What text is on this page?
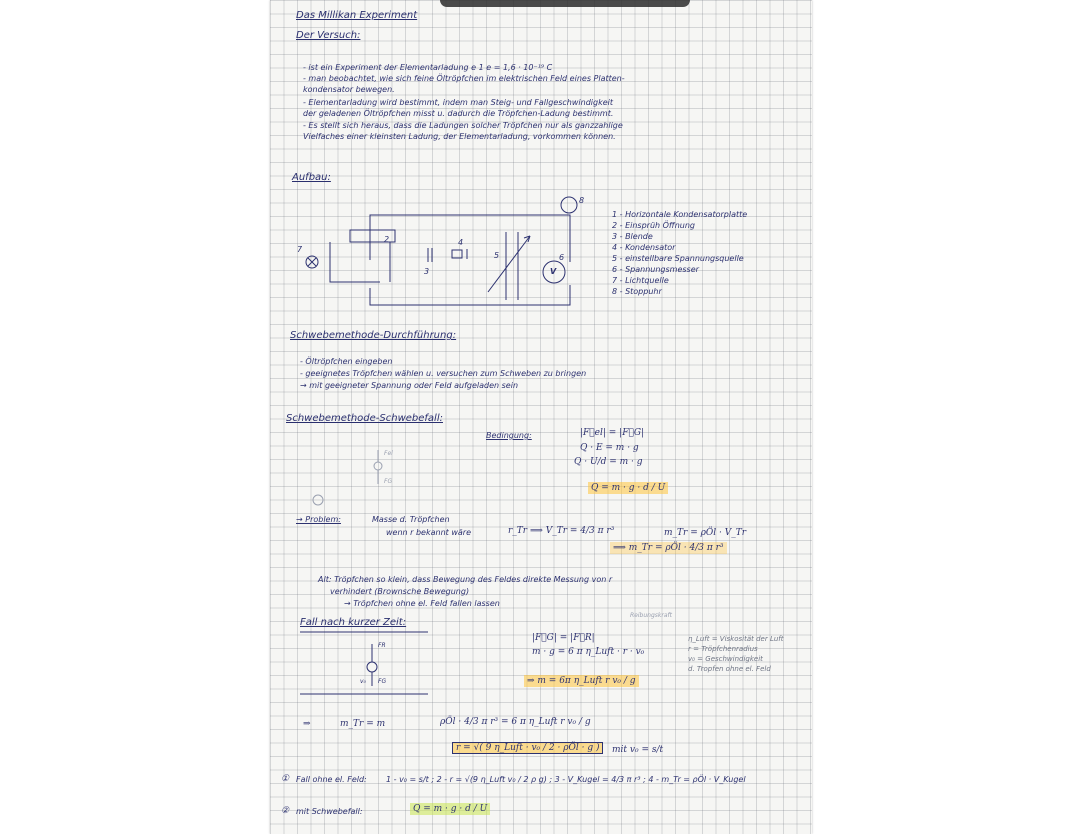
Das Millikan Experiment
Der Versuch:
- ist ein Experiment der Elementarladung e 1 e = 1,6 · 10⁻¹⁹ C
- man beobachtet, wie sich feine Öltröpfchen im elektrischen Feld eines Platten-
kondensator bewegen.
- Elementarladung wird bestimmt, indem man Steig- und Fallgeschwindigkeit
der geladenen Öltröpfchen misst u. dadurch die Tröpfchen-Ladung bestimmt.
- Es stellt sich heraus, dass die Ladungen solcher Tröpfchen nur als ganzzahlige
Vielfaches einer kleinsten Ladung, der Elementarladung, vorkommen können.
Aufbau:
7
2
3
4
5	6
V
8
1 - Horizontale Kondensatorplatte
2 - Einsprüh Öffnung
3 - Blende
4 - Kondensator
5 - einstellbare Spannungsquelle
6 - Spannungsmesser
7 - Lichtquelle
8 - Stoppuhr
Schwebemethode-Durchführung:
- Öltröpfchen eingeben
- geeignetes Tröpfchen wählen u. versuchen zum Schweben zu bringen
→ mit geeigneter Spannung oder Feld aufgeladen sein
Schwebemethode-Schwebefall:
Bedingung:	|F⃗el| = |F⃗G|
Q · E = m · g
Q · U/d = m · g
Q = m · g · d / U
Fel
FG
→ Problem:	Masse d. Tröpfchen
wenn r bekannt wäre	r_Tr ⟹ V_Tr = 4/3 π r³	m_Tr = ρÖl · V_Tr
⟹ m_Tr = ρÖl · 4/3 π r³
Alt: Tröpfchen so klein, dass Bewegung des Feldes direkte Messung von r
verhindert (Brownsche Bewegung)
→ Tröpfchen ohne el. Feld fallen lassen
Fall nach kurzer Zeit:
Reibungskraft
|F⃗G| = |F⃗R|
m · g = 6 π η_Luft · r · v₀
⇒ m = 6π η_Luft r v₀ / g
FR
FG
v₀
η_Luft = Viskosität der Luft
r = Tröpfchenradius
v₀ = Geschwindigkeit
d. Tropfen ohne el. Feld
⇒	m_Tr = m	ρÖl · 4/3 π r³ = 6 π η_Luft r v₀ / g
r = √( 9 η_Luft · v₀ / 2 · ρÖl · g )	mit v₀ = s/t
① Fall ohne el. Feld: 1 - v₀ = s/t ; 2 - r = √(9 η_Luft v₀ / 2 ρ g) ; 3 - V_Kugel = 4/3 π r³ ; 4 - m_Tr = ρÖl · V_Kugel
② mit Schwebefall:	Q = m · g · d / U
